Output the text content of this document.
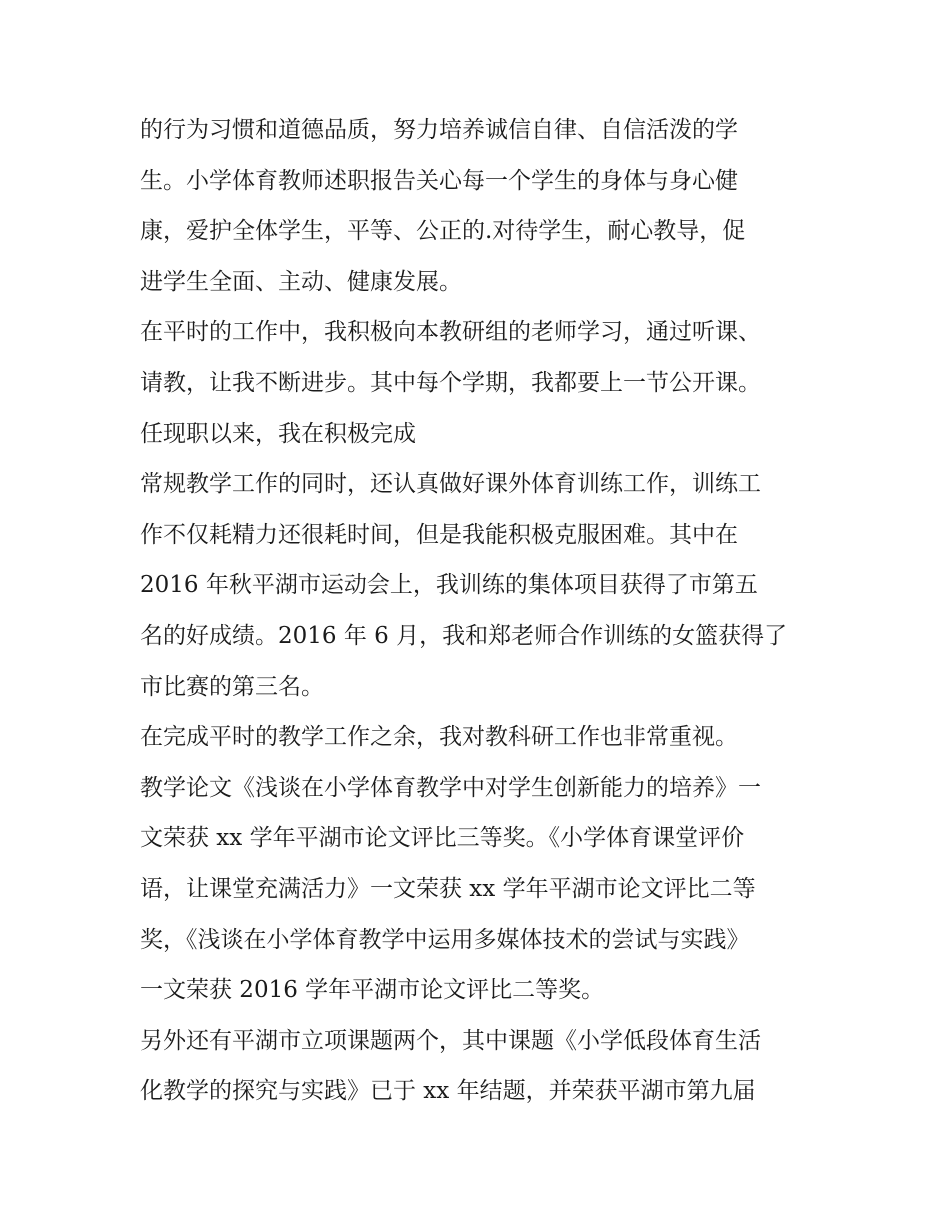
的行为习惯和道德品质，努力培养诚信自律、自信活泼的学
生。小学体育教师述职报告关心每一个学生的身体与身心健
康，爱护全体学生，平等、公正的.对待学生，耐心教导，促
进学生全面、主动、健康发展。
在平时的工作中，我积极向本教研组的老师学习，通过听课、
请教，让我不断进步。其中每个学期，我都要上一节公开课。
任现职以来，我在积极完成
常规教学工作的同时，还认真做好课外体育训练工作，训练工
作不仅耗精力还很耗时间，但是我能积极克服困难。其中在
2016 年秋平湖市运动会上，我训练的集体项目获得了市第五
名的好成绩。2016 年 6 月，我和郑老师合作训练的女篮获得了
市比赛的第三名。
在完成平时的教学工作之余，我对教科研工作也非常重视。
教学论文《浅谈在小学体育教学中对学生创新能力的培养》一
文荣获 xx 学年平湖市论文评比三等奖。《小学体育课堂评价
语，让课堂充满活力》一文荣获 xx 学年平湖市论文评比二等
奖，《浅谈在小学体育教学中运用多媒体技术的尝试与实践》
一文荣获 2016 学年平湖市论文评比二等奖。
另外还有平湖市立项课题两个，其中课题《小学低段体育生活
化教学的探究与实践》已于 xx 年结题，并荣获平湖市第九届
